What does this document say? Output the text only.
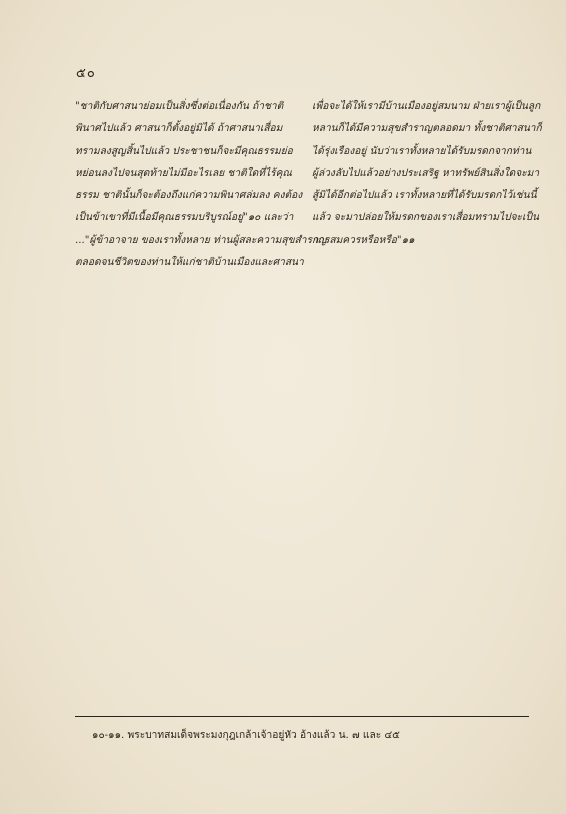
๕๐
"ชาติกับศาสนาย่อมเป็นสิ่งซึ่งต่อเนื่องกัน ถ้าชาติ
พินาศไปแล้ว ศาสนาก็ตั้งอยู่มิได้ ถ้าศาสนาเสื่อม
ทรามลงสูญสิ้นไปแล้ว ประชาชนก็จะมีคุณธรรมย่อ
หย่อนลงไปจนสุดท้ายไม่มีอะไรเลย ชาติใดที่ไร้คุณ
ธรรม ชาตินั้นก็จะต้องถึงแก่ความพินาศล่มลง คงต้อง
เป็นข้าเขาที่มีเนื้อมีคุณธรรมบริบูรณ์อยู่"๑๐ และว่า
..."ผู้ข้าอาจาย ของเราทั้งหลาย ท่านผู้สละความสุขสำราญ
ตลอดจนชีวิตของท่านให้แก่ชาติบ้านเมืองและศาสนา
เพื่อจะได้ให้เรามีบ้านเมืองอยู่สมนาม ฝ่ายเราผู้เป็นลูก
หลานก็ได้มีความสุขสำราญตลอดมา ทั้งชาติศาสนาก็
ได้รุ่งเรืองอยู่ นับว่าเราทั้งหลายได้รับมรดกจากท่าน
ผู้ล่วงลับไปแล้วอย่างประเสริฐ หาทรัพย์สินสิ่งใดจะมา
สู้มิได้อีกต่อไปแล้ว เราทั้งหลายที่ได้รับมรดกไว้เช่นนี้
แล้ว จะมาปล่อยให้มรดกของเราเสื่อมทรามไปจะเป็น
การสมควรหรือหรือ"๑๑
๑๐-๑๑. พระบาทสมเด็จพระมงกุฎเกล้าเจ้าอยู่หัว อ้างแล้ว น. ๗ และ ๔๕
